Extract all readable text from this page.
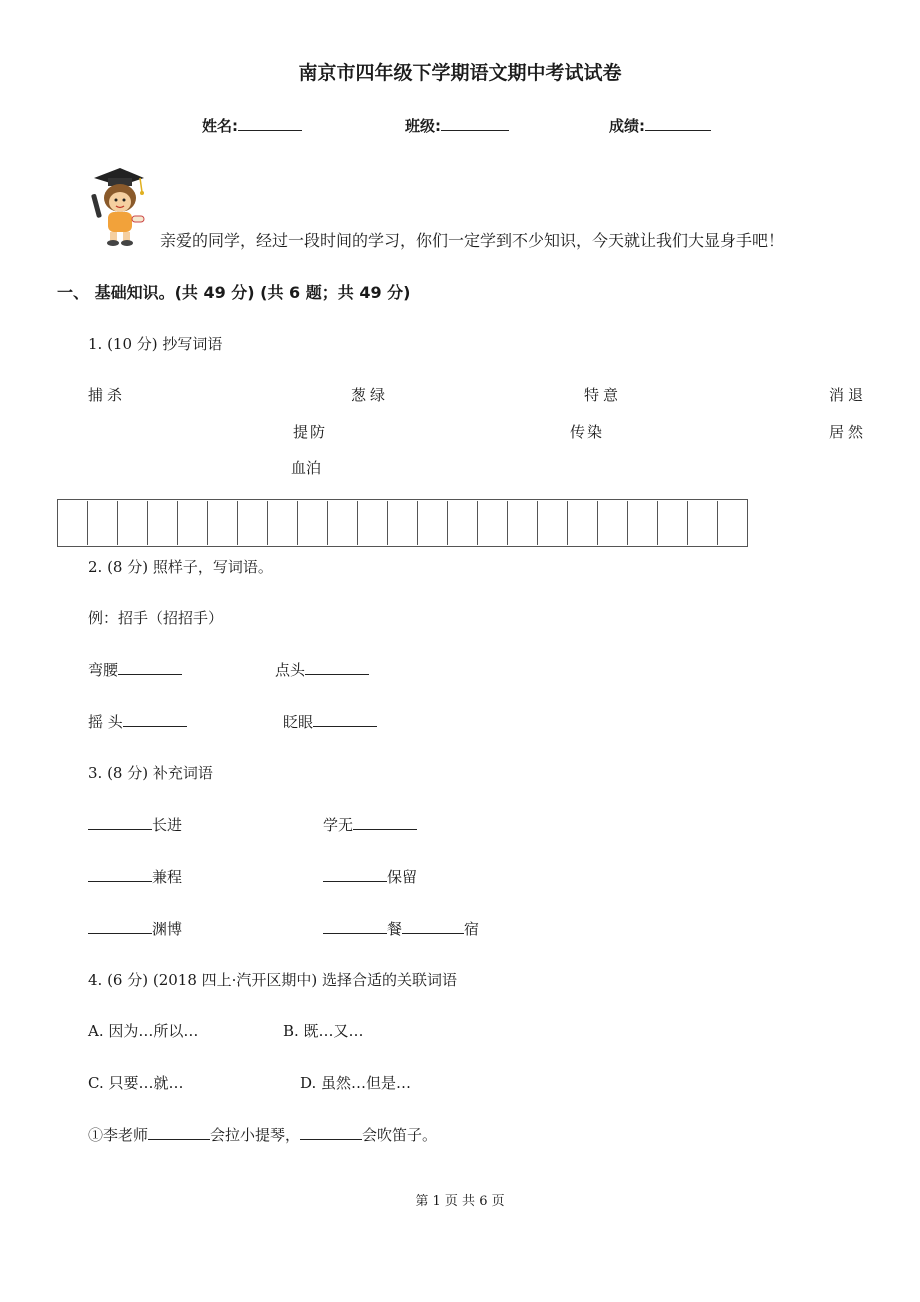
南京市四年级下学期语文期中考试试卷
姓名:	班级:	成绩:
亲爱的同学，经过一段时间的学习，你们一定学到不少知识，今天就让我们大显身手吧！
一、 基础知识。(共 49 分) (共 6 题；共 49 分)
1. (10 分) 抄写词语
捕杀	葱绿	特意	消退
提防	传染	居然
血泊
2. (8 分) 照样子，写词语。
例：招手（招招手）
弯腰	点头
摇 头	眨眼
3. (8 分) 补充词语
长进	学无
兼程	保留
渊博	餐	宿
4. (6 分) (2018 四上·汽开区期中) 选择合适的关联词语
A. 因为…所以…	B. 既…又…
C. 只要…就…	D. 虽然…但是…
①李老师	会拉小提琴，	会吹笛子。
第 1 页 共 6 页
